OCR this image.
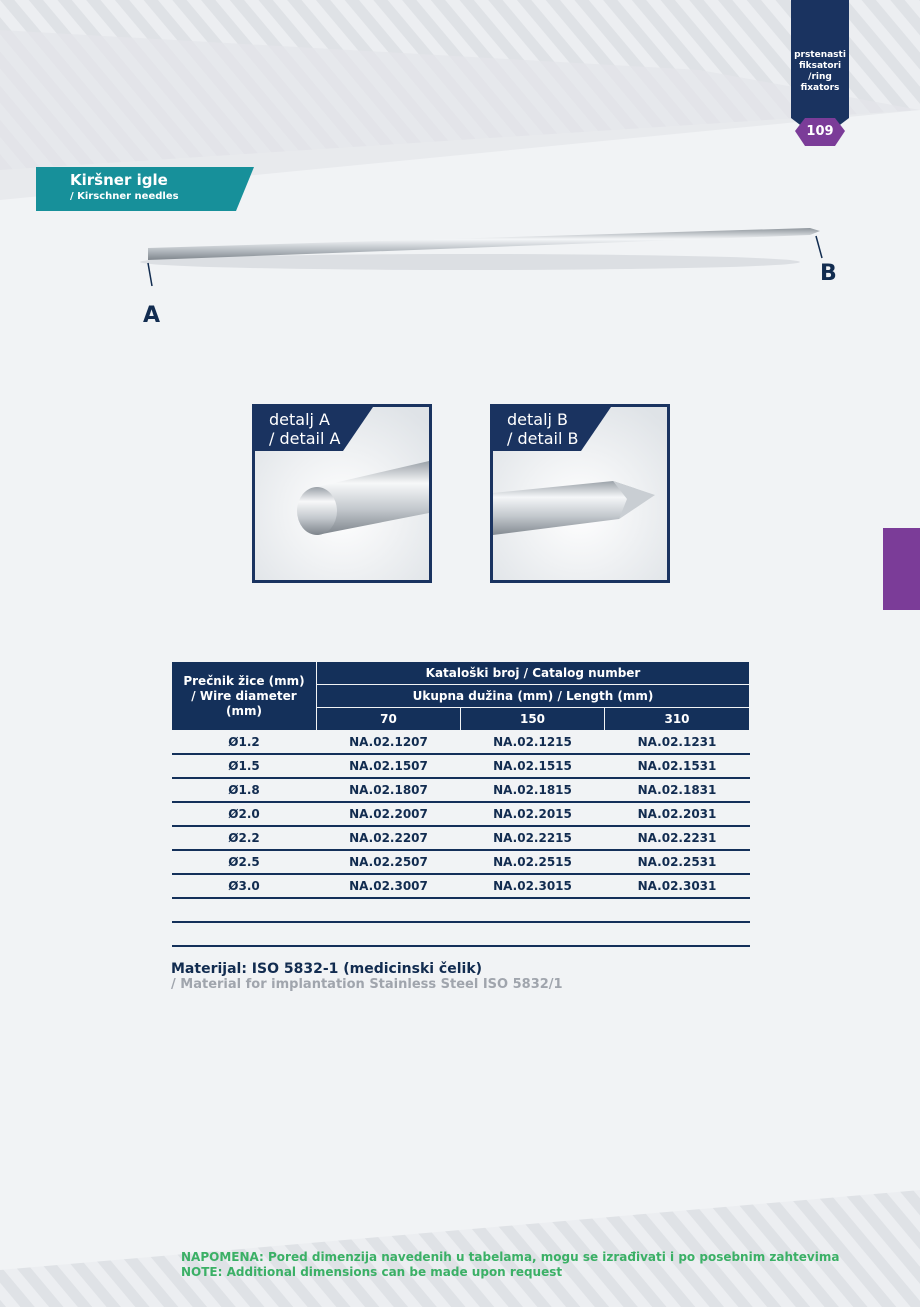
prstenasti
fiksatori
/ring
fixators
109
Kiršner igle
/ Kirschner needles
A
B
detalj A
/ detail A
detalj B
/ detail B
Prečnik žice (mm)
/ Wire diameter (mm)	Kataloški broj / Catalog number		
	Ukupna dužina (mm) / Length (mm)		
	70	150	310
Ø1.2	NA.02.1207	NA.02.1215	NA.02.1231
Ø1.5	NA.02.1507	NA.02.1515	NA.02.1531
Ø1.8	NA.02.1807	NA.02.1815	NA.02.1831
Ø2.0	NA.02.2007	NA.02.2015	NA.02.2031
Ø2.2	NA.02.2207	NA.02.2215	NA.02.2231
Ø2.5	NA.02.2507	NA.02.2515	NA.02.2531
Ø3.0	NA.02.3007	NA.02.3015	NA.02.3031

Materijal: ISO 5832-1 (medicinski čelik)
/ Material for implantation Stainless Steel ISO 5832/1
NAPOMENA: Pored dimenzija navedenih u tabelama, mogu se izrađivati i po posebnim zahtevima
NOTE: Additional dimensions can be made upon request
